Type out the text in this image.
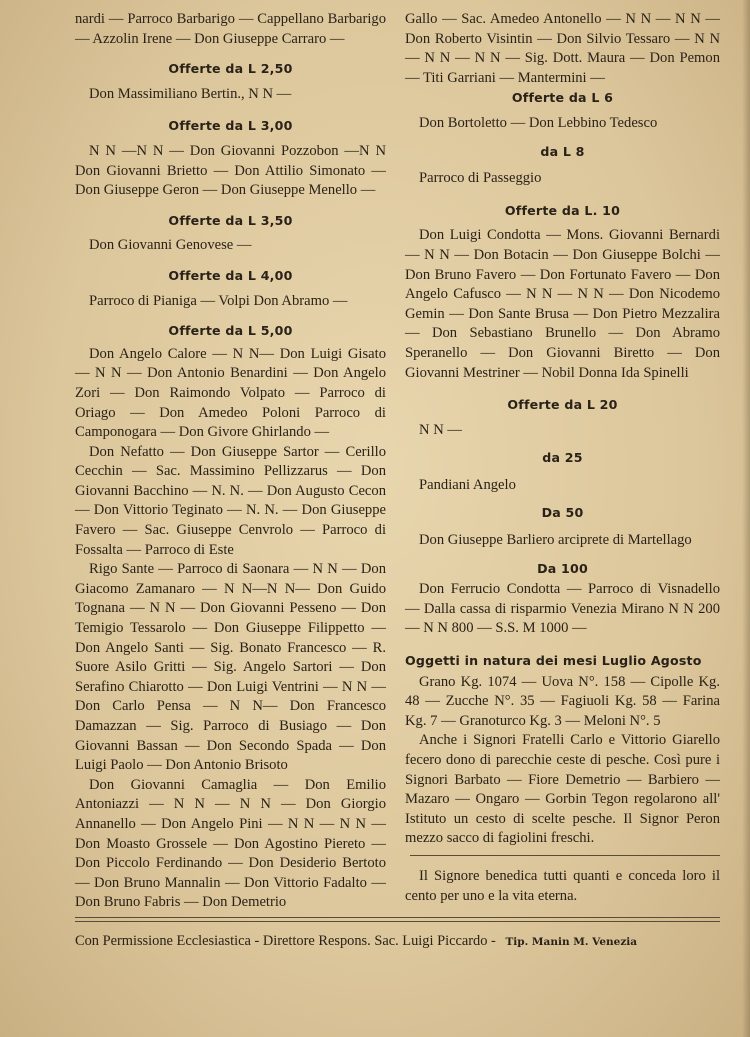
nardi — Parroco Barbarigo — Cappellano Barbarigo — Azzolin Irene — Don Giuseppe Carraro —

Offerte da L 2,50

Don Massimiliano Bertin., N N —

Offerte da L 3,00

N N —N N — Don Giovanni Pozzobon —N N Don Giovanni Brietto — Don Attilio Simonato — Don Giuseppe Geron — Don Giuseppe Menello —

Offerte da L 3,50

Don Giovanni Genovese —

Offerte da L 4,00

Parroco di Pianiga — Volpi Don Abramo —

Offerte da L 5,00

Don Angelo Calore — N N— Don Luigi Gisato — N N — Don Antonio Benardini — Don Angelo Zori — Don Raimondo Volpato — Parroco di Oriago — Don Amedeo Poloni Parroco di Camponogara — Don Givore Ghirlando —

Don Nefatto — Don Giuseppe Sartor — Cerillo Cecchin — Sac. Massimino Pellizzarus — Don Giovanni Bacchino — N. N. — Don Augusto Cecon — Don Vittorio Teginato — N. N. — Don Giuseppe Favero — Sac. Giuseppe Cenvrolo — Parroco di Fossalta — Parroco di Este

Rigo Sante — Parroco di Saonara — N N — Don Giacomo Zamanaro — N N—N N— Don Guido Tognana — N N — Don Giovanni Pesseno — Don Temigio Tessarolo — Don Giuseppe Filippetto — Don Angelo Santi — Sig. Bonato Francesco — R. Suore Asilo Gritti — Sig. Angelo Sartori — Don Serafino Chiarotto — Don Luigi Ventrini — N N — Don Carlo Pensa — N N— Don Francesco Damazzan — Sig. Parroco di Busiago — Don Giovanni Bassan — Don Secondo Spada — Don Luigi Paolo — Don Antonio Brisoto

Don Giovanni Camaglia — Don Emilio Antoniazzi — N N — N N — Don Giorgio Annanello — Don Angelo Pini — N N — N N — Don Moasto Grossele — Don Agostino Piereto — Don Piccolo Ferdinando — Don Desiderio Bertoto — Don Bruno Mannalin — Don Vittorio Fadalto — Don Bruno Fabris — Don Demetrio

Gallo — Sac. Amedeo Antonello — N N — N N — Don Roberto Visintin — Don Silvio Tessaro — N N — N N — N N — Sig. Dott. Maura — Don Pemon — Titi Garriani — Mantermini —

Offerte da L 6

Don Bortoletto — Don Lebbino Tedesco

da L 8

Parroco di Passeggio

Offerte da L. 10

Don Luigi Condotta — Mons. Giovanni Bernardi — N N — Don Botacin — Don Giuseppe Bolchi — Don Bruno Favero — Don Fortunato Favero — Don Angelo Cafusco — N N — N N — Don Nicodemo Gemin — Don Sante Brusa — Don Pietro Mezzalira — Don Sebastiano Brunello — Don Abramo Speranello — Don Giovanni Biretto — Don Giovanni Mestriner — Nobil Donna Ida Spinelli

Offerte da L 20

N N —

da 25

Pandiani Angelo

Da 50

Don Giuseppe Barliero arciprete di Martellago

Da 100

Don Ferrucio Condotta — Parroco di Visnadello — Dalla cassa di risparmio Venezia Mirano N N 200 — N N 800 — S.S. M 1000 —

Oggetti in natura dei mesi Luglio Agosto

Grano Kg. 1074 — Uova N°. 158 — Cipolle Kg. 48 — Zucche N°. 35 — Fagiuoli Kg. 58 — Farina Kg. 7 — Granoturco Kg. 3 — Meloni N°. 5

Anche i Signori Fratelli Carlo e Vittorio Giarello fecero dono di parecchie ceste di pesche. Così pure i Signori Barbato — Fiore Demetrio — Barbiero — Mazaro — Ongaro — Gorbin Tegon regolarono all' Istituto un cesto di scelte pesche. Il Signor Peron mezzo sacco di fagiolini freschi.

Il Signore benedica tutti quanti e conceda loro il cento per uno e la vita eterna.

Con Permissione Ecclesiastica - Direttore Respons. Sac. Luigi Piccardo - Tip. Manin M. Venezia
